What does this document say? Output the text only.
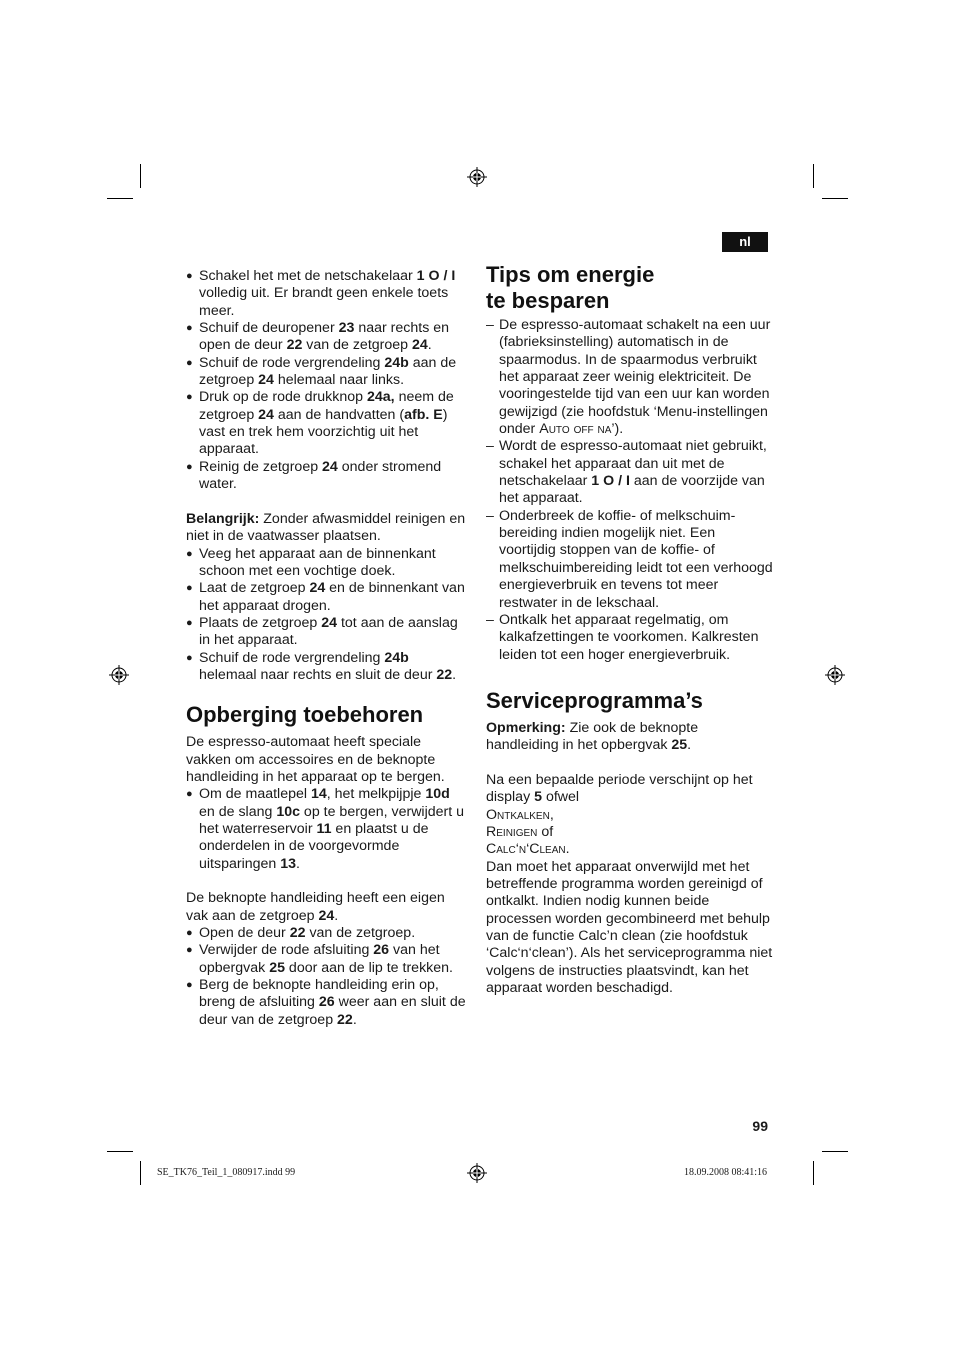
nl

● Schakel het met de netschakelaar 1 O / I volledig uit. Er brandt geen enkele toets meer.

● Schuif de deuropener 23 naar rechts en open de deur 22 van de zetgroep 24.

● Schuif de rode vergrendeling 24b aan de zetgroep 24 helemaal naar links.

● Druk op de rode drukknop 24a, neem de zetgroep 24 aan de handvatten (afb. E) vast en trek hem voorzichtig uit het apparaat.

● Reinig de zetgroep 24 onder stromend water.

Belangrijk: Zonder afwasmiddel reinigen en niet in de vaatwasser plaatsen.

● Veeg het apparaat aan de binnenkant schoon met een vochtige doek.

● Laat de zetgroep 24 en de binnenkant van het apparaat drogen.

● Plaats de zetgroep 24 tot aan de aanslag in het apparaat.

● Schuif de rode vergrendeling 24b helemaal naar rechts en sluit de deur 22.

Opberging toebehoren

De espresso-automaat heeft speciale vakken om accessoires en de beknopte handleiding in het apparaat op te bergen.

● Om de maatlepel 14, het melkpijpje 10d en de slang 10c op te bergen, verwijdert u het waterreservoir 11 en plaatst u de onderdelen in de voorgevormde uitsparingen 13.

De beknopte handleiding heeft een eigen vak aan de zetgroep 24.

● Open de deur 22 van de zetgroep.

● Verwijder de rode afsluiting 26 van het opbergvak 25 door aan de lip te trekken.

● Berg de beknopte handleiding erin op, breng de afsluiting 26 weer aan en sluit de deur van de zetgroep 22.

Tips om energie
te besparen

– De espresso-automaat schakelt na een uur (fabrieksinstelling) automatisch in de spaarmodus. In de spaarmodus verbruikt het apparaat zeer weinig elektriciteit. De vooringestelde tijd van een uur kan worden gewijzigd (zie hoofdstuk ‘Menu-instellingen onder Auto off na’).

– Wordt de espresso-automaat niet gebruikt, schakel het apparaat dan uit met de netschakelaar 1 O / I aan de voorzijde van het apparaat.

– Onderbreek de koffie- of melkschuim-bereiding indien mogelijk niet. Een voortijdig stoppen van de koffie- of melkschuimbereiding leidt tot een verhoogd energieverbruik en tevens tot meer restwater in de lekschaal.

– Ontkalk het apparaat regelmatig, om kalkafzettingen te voorkomen. Kalkresten leiden tot een hoger energieverbruik.

Serviceprogramma’s

Opmerking: Zie ook de beknopte handleiding in het opbergvak 25.

Na een bepaalde periode verschijnt op het display 5 ofwel

Ontkalken,

Reinigen of

Calc‘n‘Clean.

Dan moet het apparaat onverwijld met het betreffende programma worden gereinigd of ontkalkt. Indien nodig kunnen beide processen worden gecombineerd met behulp van de functie Calc’n clean (zie hoofdstuk ‘Calc‘n‘clean’). Als het serviceprogramma niet volgens de instructies plaatsvindt, kan het apparaat worden beschadigd.

99
SE_TK76_Teil_1_080917.indd 99	18.09.2008 08:41:16
